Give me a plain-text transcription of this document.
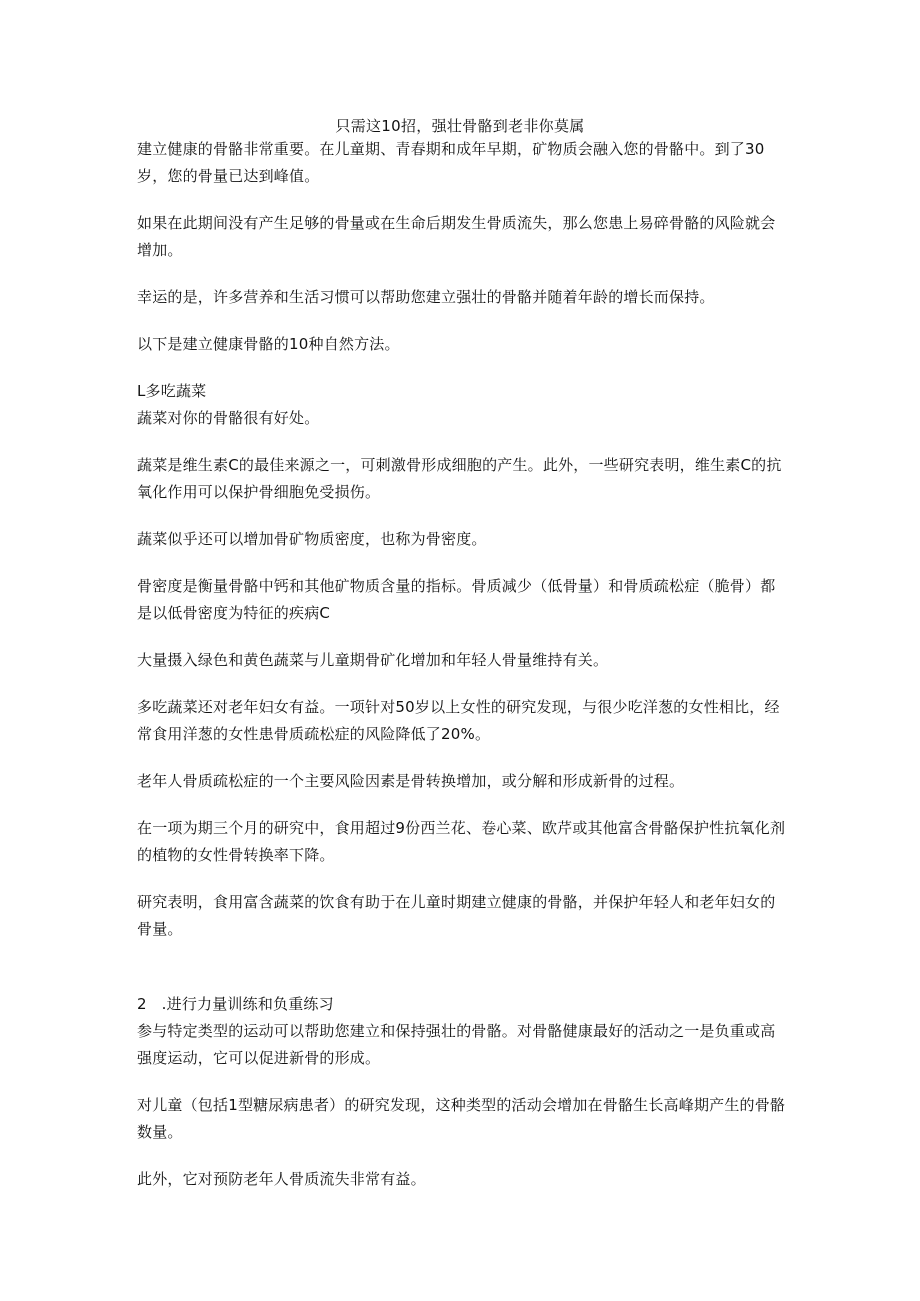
只需这10招，强壮骨骼到老非你莫属

建立健康的骨骼非常重要。在儿童期、青春期和成年早期，矿物质会融入您的骨骼中。到了30岁，您的骨量已达到峰值。

如果在此期间没有产生足够的骨量或在生命后期发生骨质流失，那么您患上易碎骨骼的风险就会增加。

幸运的是，许多营养和生活习惯可以帮助您建立强壮的骨骼并随着年龄的增长而保持。

以下是建立健康骨骼的10种自然方法。

L多吃蔬菜

蔬菜对你的骨骼很有好处。

蔬菜是维生素C的最佳来源之一，可刺激骨形成细胞的产生。此外，一些研究表明，维生素C的抗氧化作用可以保护骨细胞免受损伤。

蔬菜似乎还可以增加骨矿物质密度，也称为骨密度。

骨密度是衡量骨骼中钙和其他矿物质含量的指标。骨质减少（低骨量）和骨质疏松症（脆骨）都是以低骨密度为特征的疾病C

大量摄入绿色和黄色蔬菜与儿童期骨矿化增加和年轻人骨量维持有关。

多吃蔬菜还对老年妇女有益。一项针对50岁以上女性的研究发现，与很少吃洋葱的女性相比，经常食用洋葱的女性患骨质疏松症的风险降低了20%。

老年人骨质疏松症的一个主要风险因素是骨转换增加，或分解和形成新骨的过程。

在一项为期三个月的研究中，食用超过9份西兰花、卷心菜、欧芹或其他富含骨骼保护性抗氧化剂的植物的女性骨转换率下降。

研究表明，食用富含蔬菜的饮食有助于在儿童时期建立健康的骨骼，并保护年轻人和老年妇女的骨量。

2   .进行力量训练和负重练习

参与特定类型的运动可以帮助您建立和保持强壮的骨骼。对骨骼健康最好的活动之一是负重或高强度运动，它可以促进新骨的形成。

对儿童（包括1型糖尿病患者）的研究发现，这种类型的活动会增加在骨骼生长高峰期产生的骨骼数量。

此外，它对预防老年人骨质流失非常有益。
